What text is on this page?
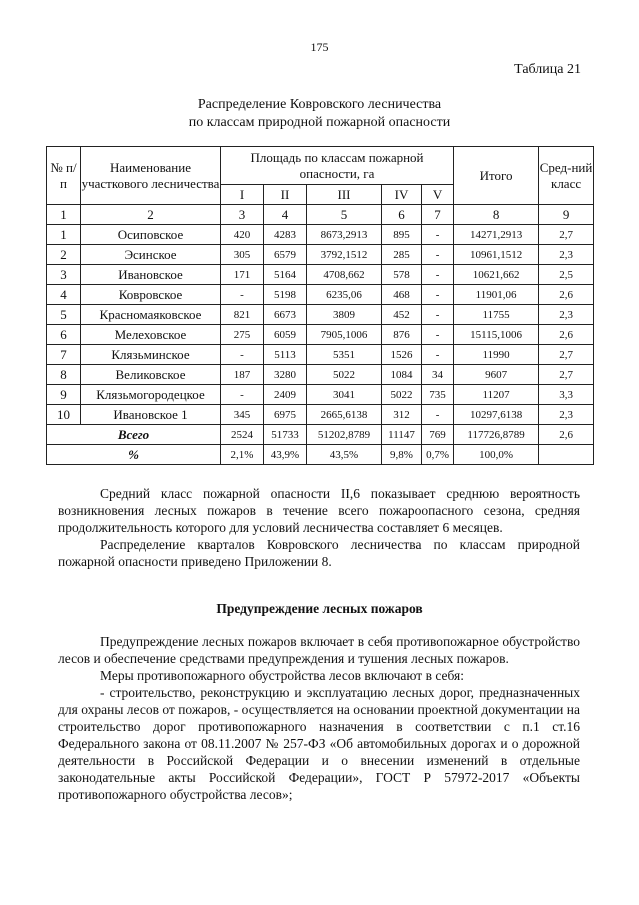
175
Таблица 21
Распределение Ковровского лесничества
по классам природной пожарной опасности
№ п/п	Наименование участкового лесничества	Площадь по классам пожарной опасности, га					Итого	Сред-ний класс
		I	II	III	IV	V		
1	2	3	4	5	6	7	8	9
1	Осиповское	420	4283	8673,2913	895	-	14271,2913	2,7
2	Эсинское	305	6579	3792,1512	285	-	10961,1512	2,3
3	Ивановское	171	5164	4708,662	578	-	10621,662	2,5
4	Ковровское	-	5198	6235,06	468	-	11901,06	2,6
5	Красномаяковское	821	6673	3809	452	-	11755	2,3
6	Мелеховское	275	6059	7905,1006	876	-	15115,1006	2,6
7	Клязьминское	-	5113	5351	1526	-	11990	2,7
8	Великовское	187	3280	5022	1084	34	9607	2,7
9	Клязьмогородецкое	-	2409	3041	5022	735	11207	3,3
10	Ивановское 1	345	6975	2665,6138	312	-	10297,6138	2,3
Всего		2524	51733	51202,8789	11147	769	117726,8789	2,6
%		2,1%	43,9%	43,5%	9,8%	0,7%	100,0%	

Средний класс пожарной опасности II,6 показывает среднюю вероятность возникновения лесных пожаров в течение всего пожароопасного сезона, средняя продолжительность которого для условий лесничества составляет 6 месяцев.

Распределение кварталов Ковровского лесничества по классам природной пожарной опасности приведено Приложении 8.

Предупреждение лесных пожаров

Предупреждение лесных пожаров включает в себя противопожарное обустройство лесов и обеспечение средствами предупреждения и тушения лесных пожаров.

Меры противопожарного обустройства лесов включают в себя:

- строительство, реконструкцию и эксплуатацию лесных дорог, предназначенных для охраны лесов от пожаров, - осуществляется на основании проектной документации на строительство дорог противопожарного назначения в соответствии с п.1 ст.16 Федерального закона от 08.11.2007 № 257-ФЗ «Об автомобильных дорогах и о дорожной деятельности в Российской Федерации и о внесении изменений в отдельные законодательные акты Российской Федерации», ГОСТ Р 57972-2017 «Объекты противопожарного обустройства лесов»;
